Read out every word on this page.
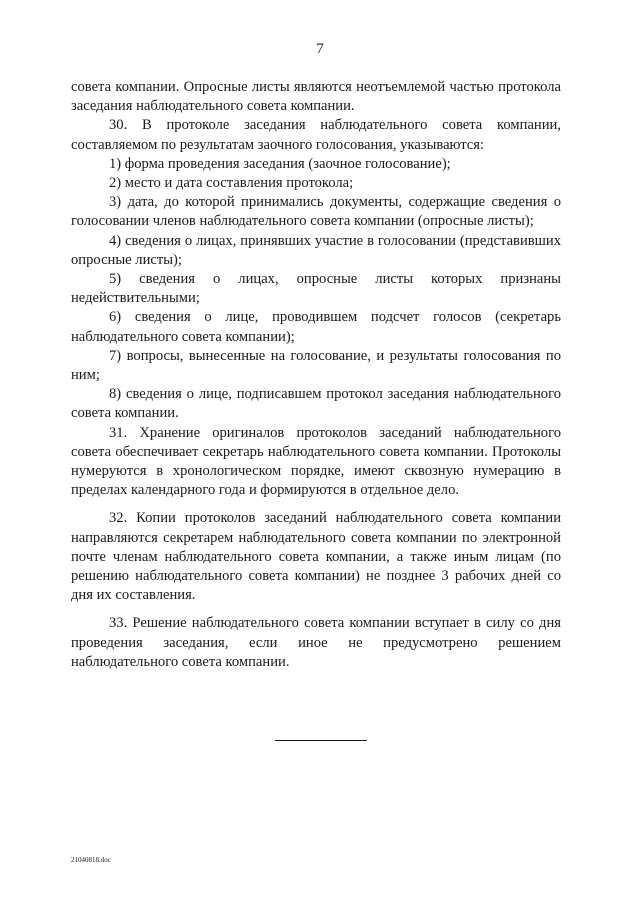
7

совета компании. Опросные листы являются неотъемлемой частью протокола заседания наблюдательного совета компании.

30. В протоколе заседания наблюдательного совета компании, составляемом по результатам заочного голосования, указываются:

1) форма проведения заседания (заочное голосование);

2) место и дата составления протокола;

3) дата, до которой принимались документы, содержащие сведения о голосовании членов наблюдательного совета компании (опросные листы);

4) сведения о лицах, принявших участие в голосовании (представивших опросные листы);

5) сведения о лицах, опросные листы которых признаны недействительными;

6) сведения о лице, проводившем подсчет голосов (секретарь наблюдательного совета компании);

7) вопросы, вынесенные на голосование, и результаты голосования по ним;

8) сведения о лице, подписавшем протокол заседания наблюдательного совета компании.

31. Хранение оригиналов протоколов заседаний наблюдательного совета обеспечивает секретарь наблюдательного совета компании. Протоколы нумеруются в хронологическом порядке, имеют сквозную нумерацию в пределах календарного года и формируются в отдельное дело.

32. Копии протоколов заседаний наблюдательного совета компании направляются секретарем наблюдательного совета компании по электронной почте членам наблюдательного совета компании, а также иным лицам (по решению наблюдательного совета компании) не позднее 3 рабочих дней со дня их составления.

33. Решение наблюдательного совета компании вступает в силу со дня проведения заседания, если иное не предусмотрено решением наблюдательного совета компании.

21040818.doc
